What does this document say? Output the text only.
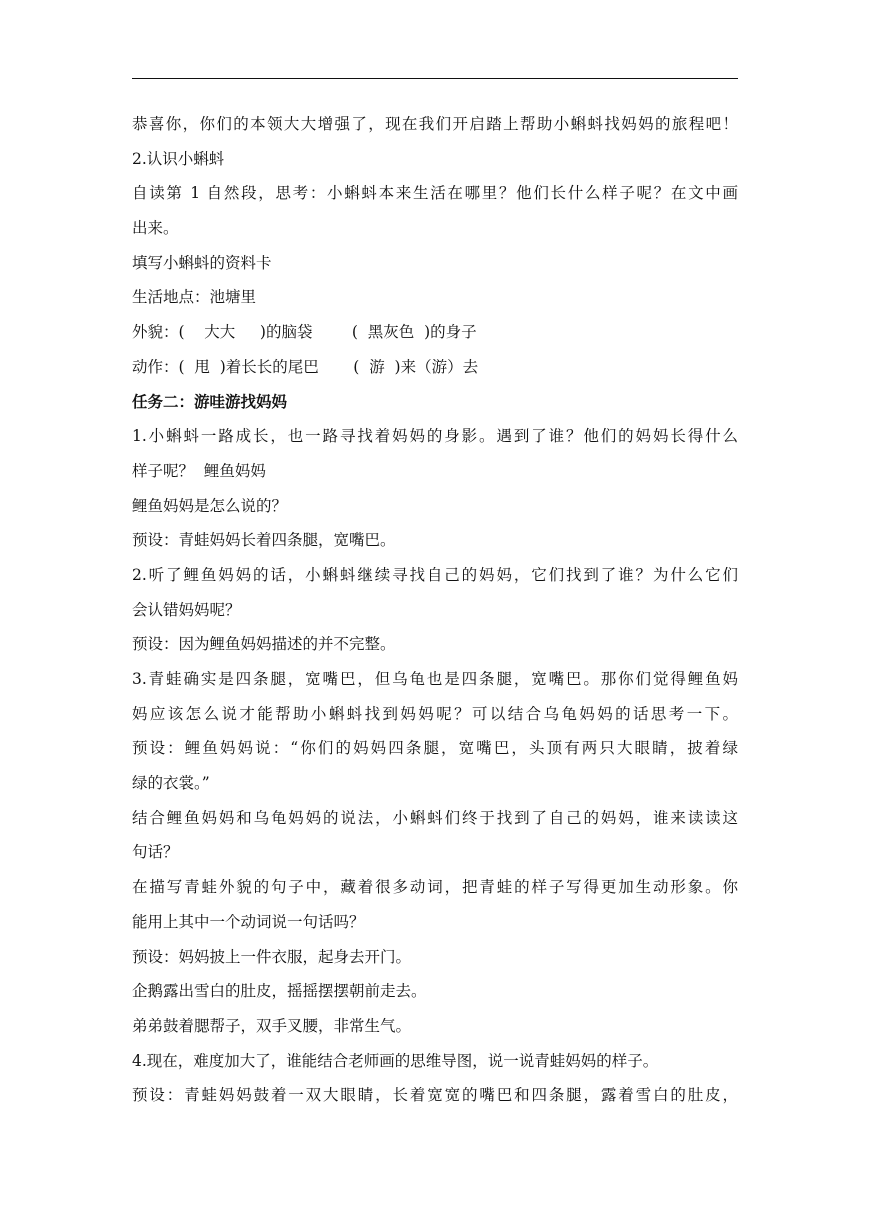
恭喜你，你们的本领大大增强了，现在我们开启踏上帮助小蝌蚪找妈妈的旅程吧！
2.认识小蝌蚪
自读第 1 自然段，思考：小蝌蚪本来生活在哪里？他们长什么样子呢？在文中画
出来。
填写小蝌蚪的资料卡
生活地点：池塘里
外貌：(    大大     )的脑袋        (  黑灰色  )的身子
动作：(  甩  )着长长的尾巴       (  游  )来（游）去
任务二：游哇游找妈妈
1.小蝌蚪一路成长，也一路寻找着妈妈的身影。遇到了谁？他们的妈妈长得什么
样子呢？  鲤鱼妈妈
鲤鱼妈妈是怎么说的？
预设：青蛙妈妈长着四条腿，宽嘴巴。
2.听了鲤鱼妈妈的话，小蝌蚪继续寻找自己的妈妈，它们找到了谁？为什么它们
会认错妈妈呢？
预设：因为鲤鱼妈妈描述的并不完整。
3.青蛙确实是四条腿，宽嘴巴，但乌龟也是四条腿，宽嘴巴。那你们觉得鲤鱼妈
妈应该怎么说才能帮助小蝌蚪找到妈妈呢？可以结合乌龟妈妈的话思考一下。
预设：鲤鱼妈妈说：“你们的妈妈四条腿，宽嘴巴，头顶有两只大眼睛，披着绿
绿的衣裳。”
结合鲤鱼妈妈和乌龟妈妈的说法，小蝌蚪们终于找到了自己的妈妈，谁来读读这
句话？
在描写青蛙外貌的句子中，藏着很多动词，把青蛙的样子写得更加生动形象。你
能用上其中一个动词说一句话吗？
预设：妈妈披上一件衣服，起身去开门。
企鹅露出雪白的肚皮，摇摇摆摆朝前走去。
弟弟鼓着腮帮子，双手叉腰，非常生气。
4.现在，难度加大了，谁能结合老师画的思维导图，说一说青蛙妈妈的样子。
预设：青蛙妈妈鼓着一双大眼睛，长着宽宽的嘴巴和四条腿，露着雪白的肚皮，
